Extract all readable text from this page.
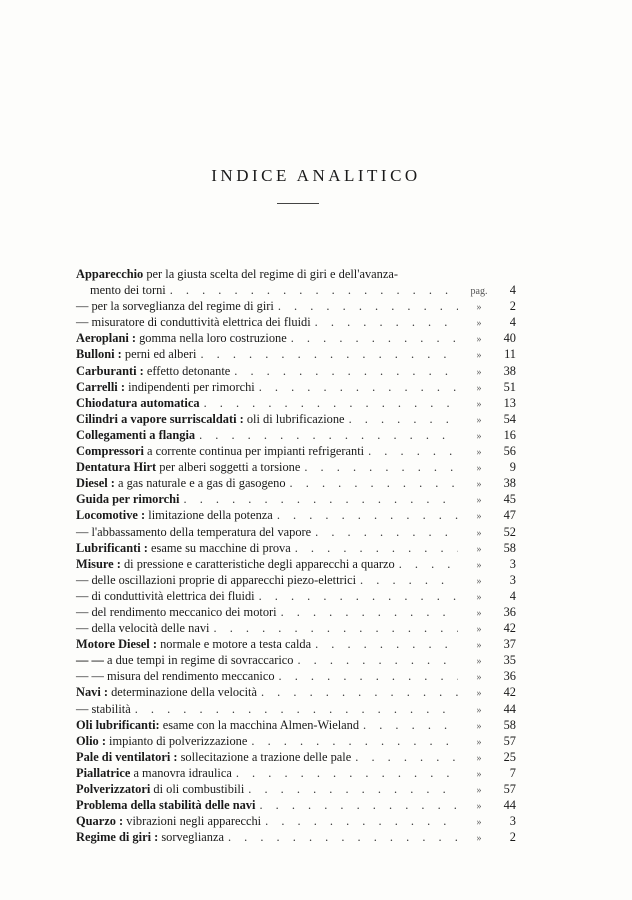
INDICE ANALITICO
Apparecchio per la giusta scelta del regime di giri e dell'avanza-
mento dei torni . . .	pag.	4
— per la sorveglianza del regime di giri . . .	»	2
— misuratore di conduttività elettrica dei fluidi . . .	»	4
Aeroplani : gomma nella loro costruzione . . .	»	40
Bulloni : perni ed alberi . . .	»	11
Carburanti : effetto detonante . . .	»	38
Carrelli : indipendenti per rimorchi . . .	»	51
Chiodatura automatica . . .	»	13
Cilindri a vapore surriscaldati : oli di lubrificazione . . .	»	54
Collegamenti a flangia . . .	»	16
Compressori a corrente continua per impianti refrigeranti . . .	»	56
Dentatura Hirt per alberi soggetti a torsione . . .	»	9
Diesel : a gas naturale e a gas di gasogeno . . .	»	38
Guida per rimorchi . . .	»	45
Locomotive : limitazione della potenza . . .	»	47
— l'abbassamento della temperatura del vapore . . .	»	52
Lubrificanti : esame su macchine di prova . . .	»	58
Misure : di pressione e caratteristiche degli apparecchi a quarzo . . .	»	3
— delle oscillazioni proprie di apparecchi piezo-elettrici . . .	»	3
— di conduttività elettrica dei fluidi . . .	»	4
— del rendimento meccanico dei motori . . .	»	36
— della velocità delle navi . . .	»	42
Motore Diesel : normale e motore a testa calda . . .	»	37
— — a due tempi in regime di sovraccarico . . .	»	35
— — misura del rendimento meccanico . . .	»	36
Navi : determinazione della velocità . . .	»	42
— stabilità . . .	»	44
Oli lubrificanti: esame con la macchina Almen-Wieland . . .	»	58
Olio : impianto di polverizzazione . . .	»	57
Pale di ventilatori : sollecitazione a trazione delle pale . . .	»	25
Piallatrice a manovra idraulica . . .	»	7
Polverizzatori di oli combustibili . . .	»	57
Problema della stabilità delle navi . . .	»	44
Quarzo : vibrazioni negli apparecchi . . .	»	3
Regime di giri : sorveglianza . . .	»	2
